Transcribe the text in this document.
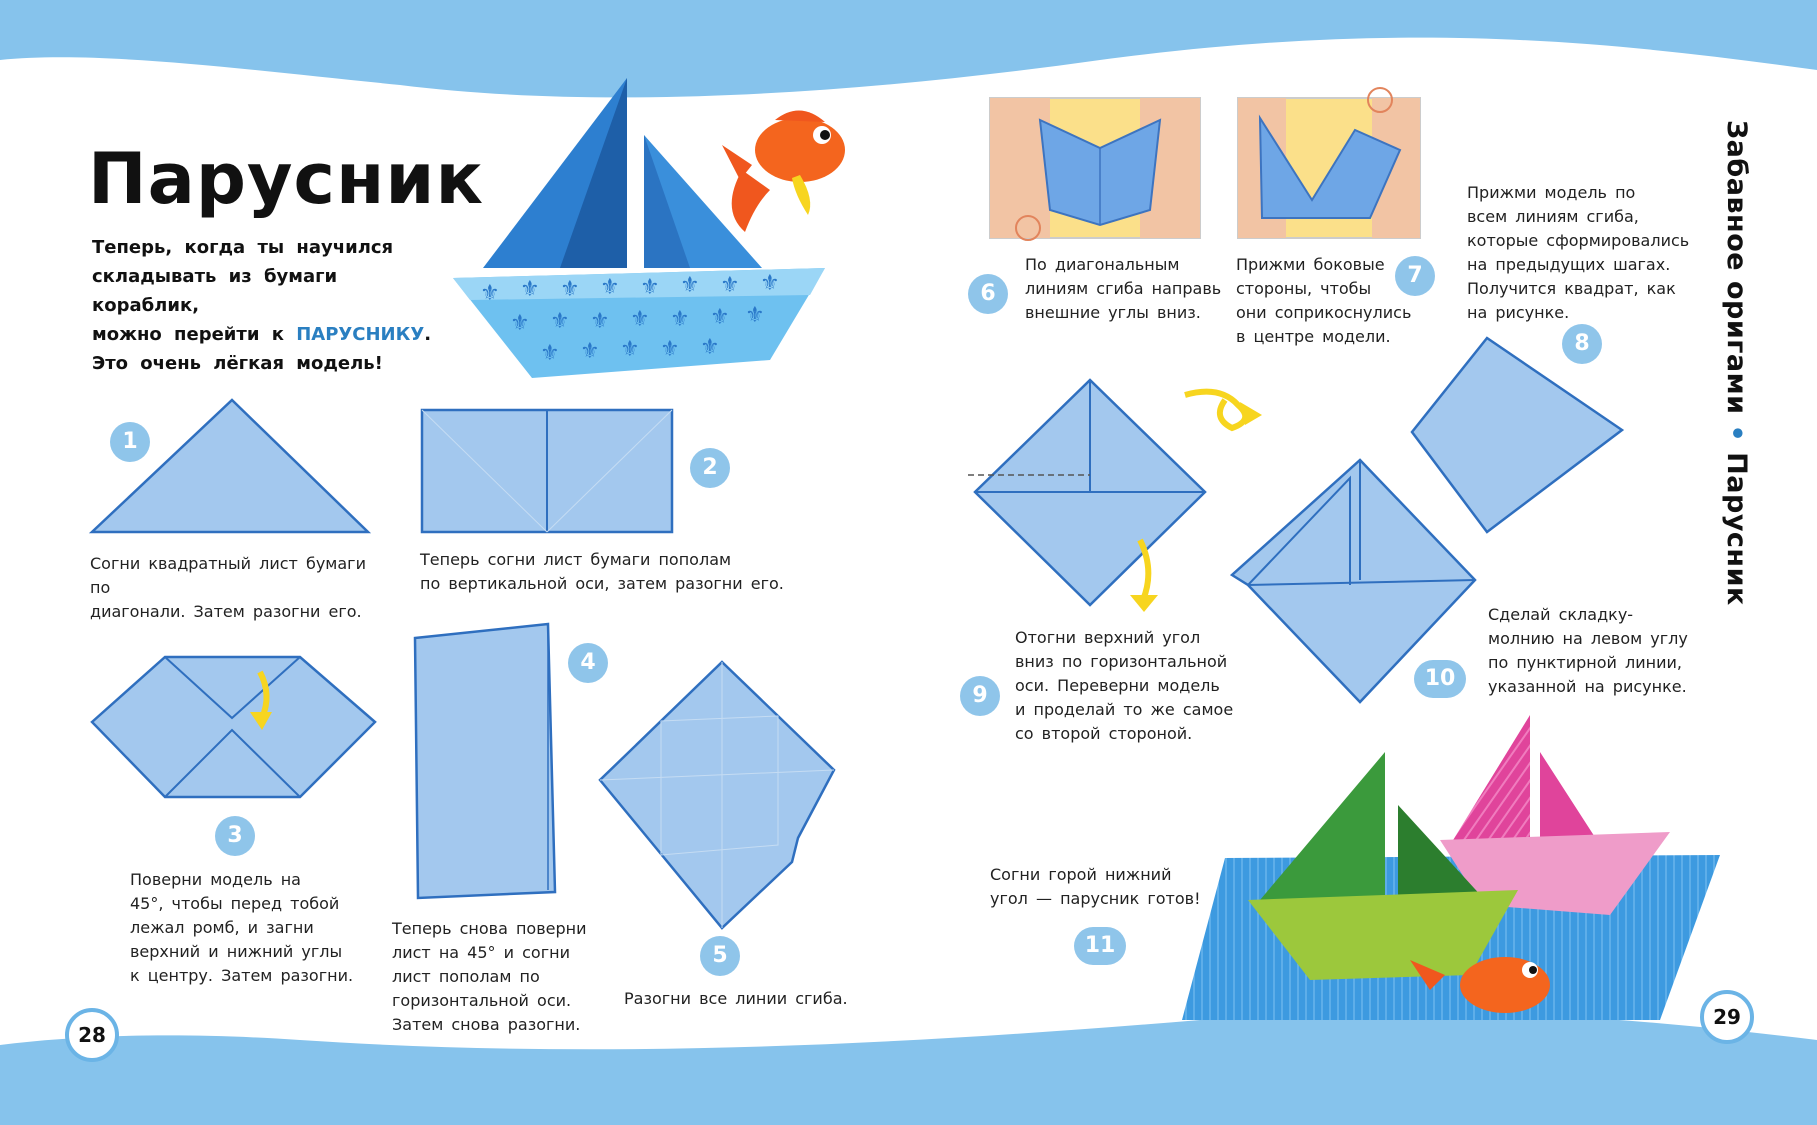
⚜ ⚜ ⚜ ⚜ ⚜ ⚜ ⚜ ⚜
⚜ ⚜ ⚜ ⚜ ⚜ ⚜ ⚜
⚜ ⚜ ⚜ ⚜ ⚜
Парусник
Теперь, когда ты научился
складывать из бумаги кораблик,
можно перейти к ПАРУСНИКУ.
Это очень лёгкая модель!	Забавное оригами • Парусник
1
2
3
4
5
6
7
8
9
10
11
Согни квадратный лист бумаги по
диагонали. Затем разогни его.
Теперь согни лист бумаги пополам
по вертикальной оси, затем разогни его.
Поверни модель на
45°, чтобы перед тобой
лежал ромб, и загни
верхний и нижний углы
к центру. Затем разогни.
Теперь снова поверни
лист на 45° и согни
лист пополам по
горизонтальной оси.
Затем снова разогни.
Разогни все линии сгиба.
По диагональным
линиям сгиба направь
внешние углы вниз.
Прижми боковые
стороны, чтобы
они соприкоснулись
в центре модели.
Прижми модель по
всем линиям сгиба,
которые сформировались
на предыдущих шагах.
Получится квадрат, как
на рисунке.
Отогни верхний угол
вниз по горизонтальной
оси. Переверни модель
и проделай то же самое
со второй стороной.
Сделай складку-
молнию на левом углу
по пунктирной линии,
указанной на рисунке.
Согни горой нижний
угол — парусник готов!
28
29
